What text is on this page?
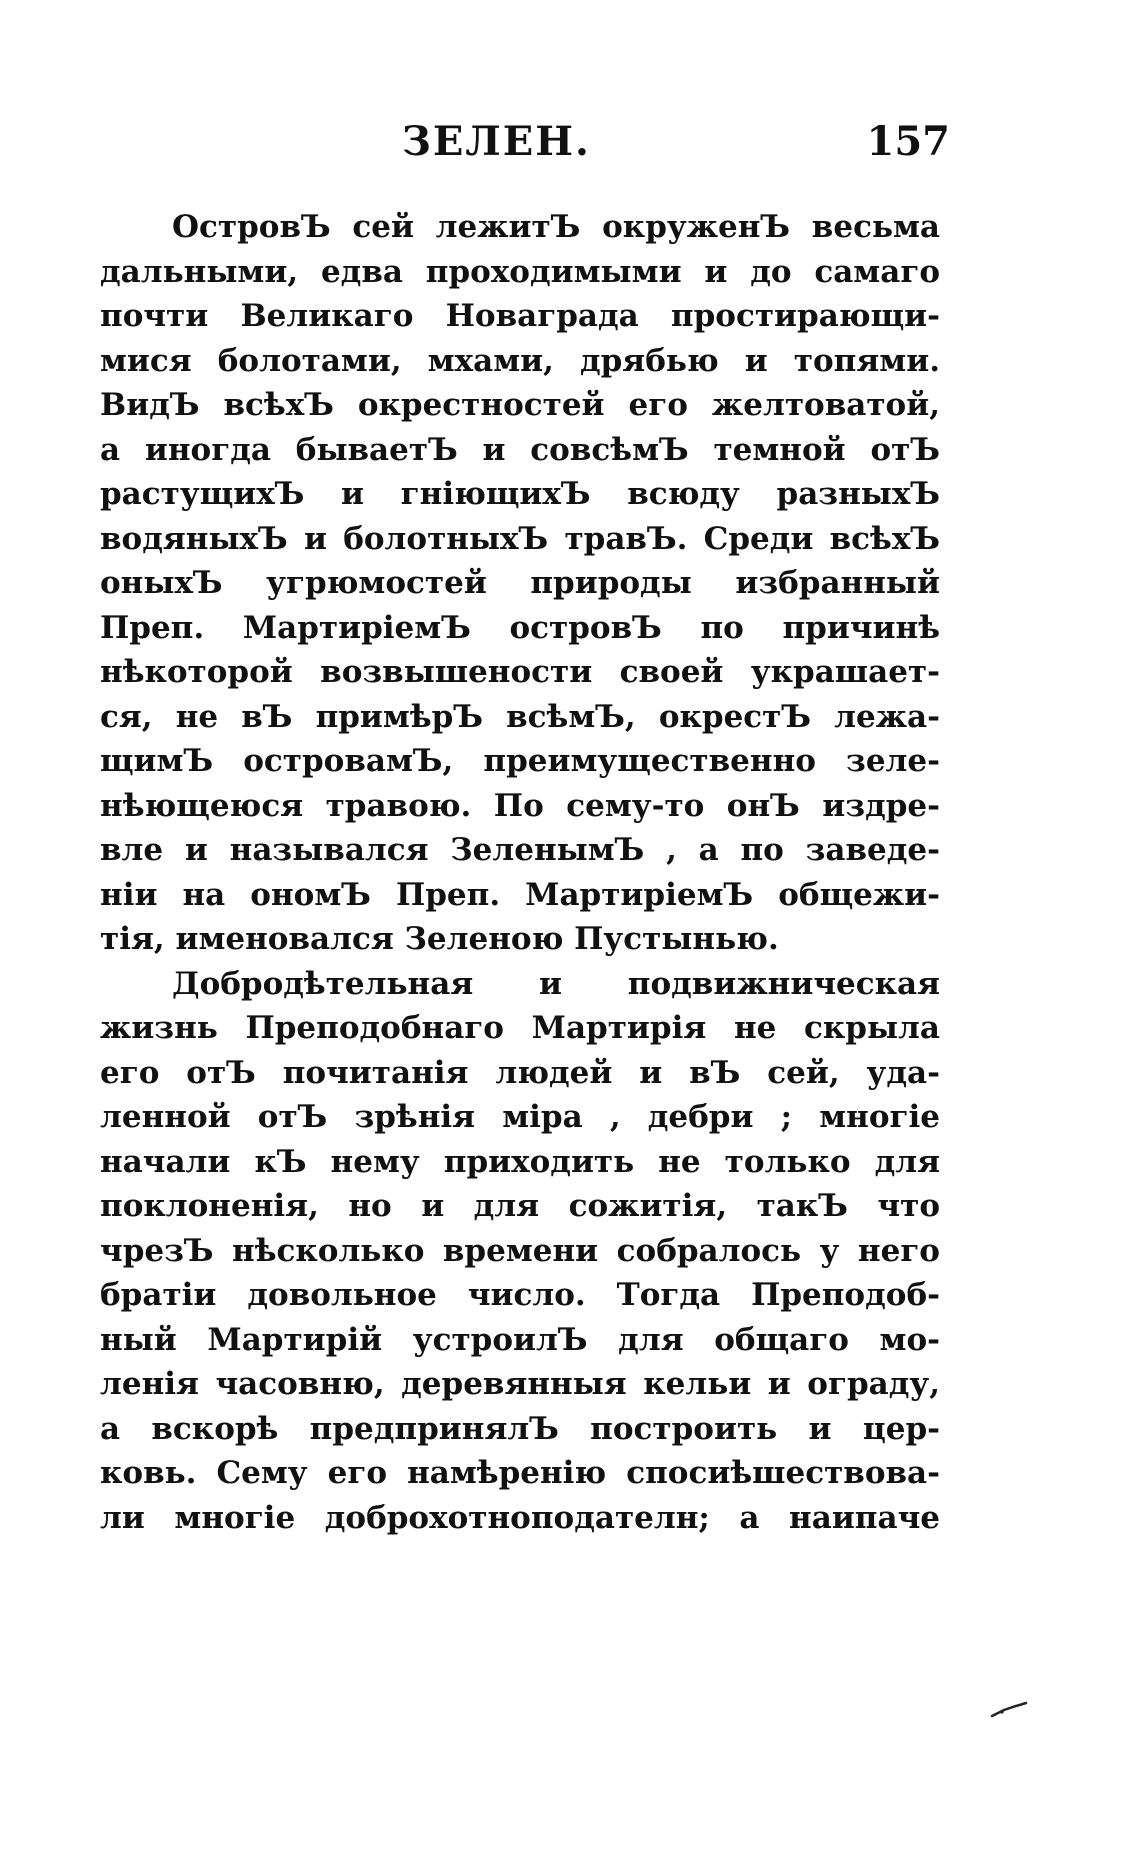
ЗЕЛЕН.	157
ОстровЪ сей лежитЪ окруженЪ весьма
дальными, едва проходимыми и до самаго
почти Великаго Новаграда простирающи-
мися болотами, мхами, дрябью и топями.
ВидЪ всѣхЪ окрестностей его желтоватой,
а иногда бываетЪ и совсѣмЪ темной отЪ
растущихЪ и гніющихЪ всюду разныхЪ
водяныхЪ и болотныхЪ травЪ. Среди всѣхЪ
оныхЪ угрюмостей природы избранный
Преп. МартиріемЪ островЪ по причинѣ
нѣкоторой возвышености своей украшает-
ся, не вЪ примѣрЪ всѣмЪ, окрестЪ лежа-
щимЪ островамЪ, преимущественно зеле-
нѣющеюся травою. По сему-то онЪ издре-
вле и назывался ЗеленымЪ , а по заведе-
ніи на ономЪ Преп. МартиріемЪ общежи-
тія, именовался Зеленою Пустынью.
Добродѣтельная и подвижническая
жизнь Преподобнаго Мартирія не скрыла
его отЪ почитанія людей и вЪ сей, уда-
ленной отЪ зрѣнія міра , дебри ; многіе
начали кЪ нему приходить не только для
поклоненія, но и для сожитія, такЪ что
чрезЪ нѣсколько времени собралось у него
братіи довольное число. Тогда Преподоб-
ный Мартирій устроилЪ для общаго мо-
ленія часовню, деревянныя кельи и ограду,
а вскорѣ предпринялЪ построить и цер-
ковь. Сему его намѣренію спосиѣшествова-
ли многіе доброхотнoподателн; а наипаче
